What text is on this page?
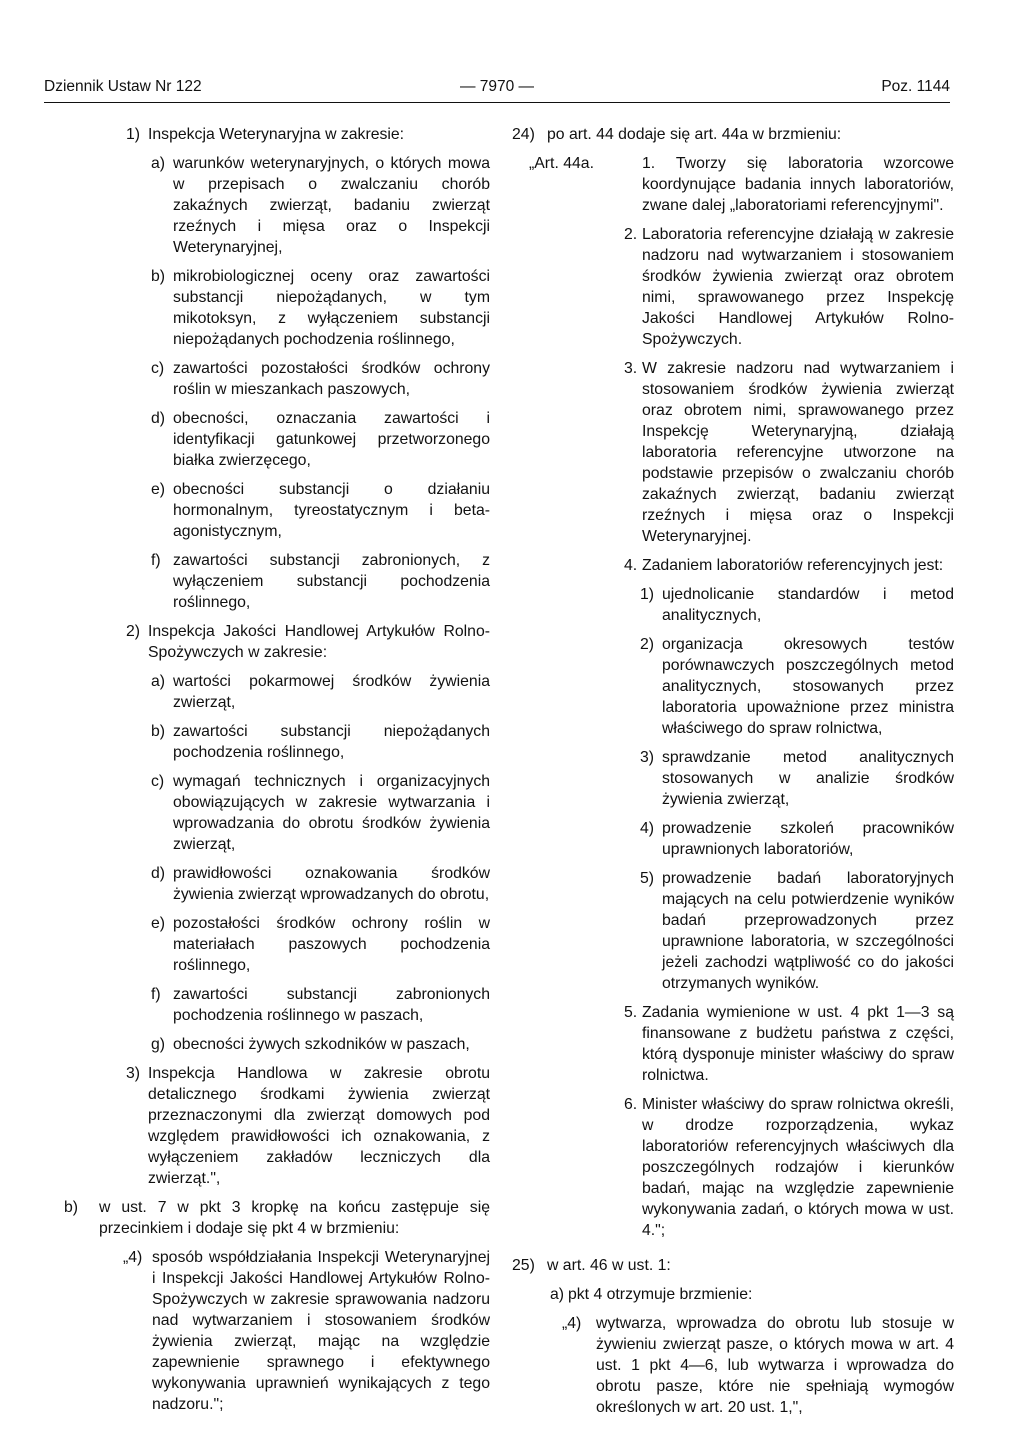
Dziennik Ustaw Nr 122	— 7970 —	Poz. 1144
1) Inspekcja Weterynaryjna w zakresie:
a) warunków weterynaryjnych, o których mowa w przepisach o zwalczaniu chorób zakaźnych zwierząt, badaniu zwierząt rzeźnych i mięsa oraz o Inspekcji Weterynaryjnej,
b) mikrobiologicznej oceny oraz zawartości substancji niepożądanych, w tym mikotoksyn, z wyłączeniem substancji niepożądanych pochodzenia roślinnego,
c) zawartości pozostałości środków ochrony roślin w mieszankach paszowych,
d) obecności, oznaczania zawartości i identyfikacji gatunkowej przetworzonego białka zwierzęcego,
e) obecności substancji o działaniu hormonalnym, tyreostatycznym i beta-agonistycznym,
f) zawartości substancji zabronionych, z wyłączeniem substancji pochodzenia roślinnego,
2) Inspekcja Jakości Handlowej Artykułów Rolno-Spożywczych w zakresie:
a) wartości pokarmowej środków żywienia zwierząt,
b) zawartości substancji niepożądanych pochodzenia roślinnego,
c) wymagań technicznych i organizacyjnych obowiązujących w zakresie wytwarzania i wprowadzania do obrotu środków żywienia zwierząt,
d) prawidłowości oznakowania środków żywienia zwierząt wprowadzanych do obrotu,
e) pozostałości środków ochrony roślin w materiałach paszowych pochodzenia roślinnego,
f) zawartości substancji zabronionych pochodzenia roślinnego w paszach,
g) obecności żywych szkodników w paszach,
3) Inspekcja Handlowa w zakresie obrotu detalicznego środkami żywienia zwierząt przeznaczonymi dla zwierząt domowych pod względem prawidłowości ich oznakowania, z wyłączeniem zakładów leczniczych dla zwierząt.",
b) w ust. 7 w pkt 3 kropkę na końcu zastępuje się przecinkiem i dodaje się pkt 4 w brzmieniu:
„4) sposób współdziałania Inspekcji Weterynaryjnej i Inspekcji Jakości Handlowej Artykułów Rolno-Spożywczych w zakresie sprawowania nadzoru nad wytwarzaniem i stosowaniem środków żywienia zwierząt, mając na względzie zapewnienie sprawnego i efektywnego wykonywania uprawnień wynikających z tego nadzoru.";
24) po art. 44 dodaje się art. 44a w brzmieniu:
„Art. 44a.	1. Tworzy się laboratoria wzorcowe koordynujące badania innych laboratoriów, zwane dalej „laboratoriami referencyjnymi".
2. Laboratoria referencyjne działają w zakresie nadzoru nad wytwarzaniem i stosowaniem środków żywienia zwierząt oraz obrotem nimi, sprawowanego przez Inspekcję Jakości Handlowej Artykułów Rolno-Spożywczych.
3. W zakresie nadzoru nad wytwarzaniem i stosowaniem środków żywienia zwierząt oraz obrotem nimi, sprawowanego przez Inspekcję Weterynaryjną, działają laboratoria referencyjne utworzone na podstawie przepisów o zwalczaniu chorób zakaźnych zwierząt, badaniu zwierząt rzeźnych i mięsa oraz o Inspekcji Weterynaryjnej.
4. Zadaniem laboratoriów referencyjnych jest:
1) ujednolicanie standardów i metod analitycznych,
2) organizacja okresowych testów porównawczych poszczególnych metod analitycznych, stosowanych przez laboratoria upoważnione przez ministra właściwego do spraw rolnictwa,
3) sprawdzanie metod analitycznych stosowanych w analizie środków żywienia zwierząt,
4) prowadzenie szkoleń pracowników uprawnionych laboratoriów,
5) prowadzenie badań laboratoryjnych mających na celu potwierdzenie wyników badań przeprowadzonych przez uprawnione laboratoria, w szczególności jeżeli zachodzi wątpliwość co do jakości otrzymanych wyników.
5. Zadania wymienione w ust. 4 pkt 1—3 są finansowane z budżetu państwa z części, którą dysponuje minister właściwy do spraw rolnictwa.
6. Minister właściwy do spraw rolnictwa określi, w drodze rozporządzenia, wykaz laboratoriów referencyjnych właściwych dla poszczególnych rodzajów i kierunków badań, mając na względzie zapewnienie wykonywania zadań, o których mowa w ust. 4.";
25) w art. 46 w ust. 1:
a) pkt 4 otrzymuje brzmienie:
„4) wytwarza, wprowadza do obrotu lub stosuje w żywieniu zwierząt pasze, o których mowa w art. 4 ust. 1 pkt 4—6, lub wytwarza i wprowadza do obrotu pasze, które nie spełniają wymogów określonych w art. 20 ust. 1,",
